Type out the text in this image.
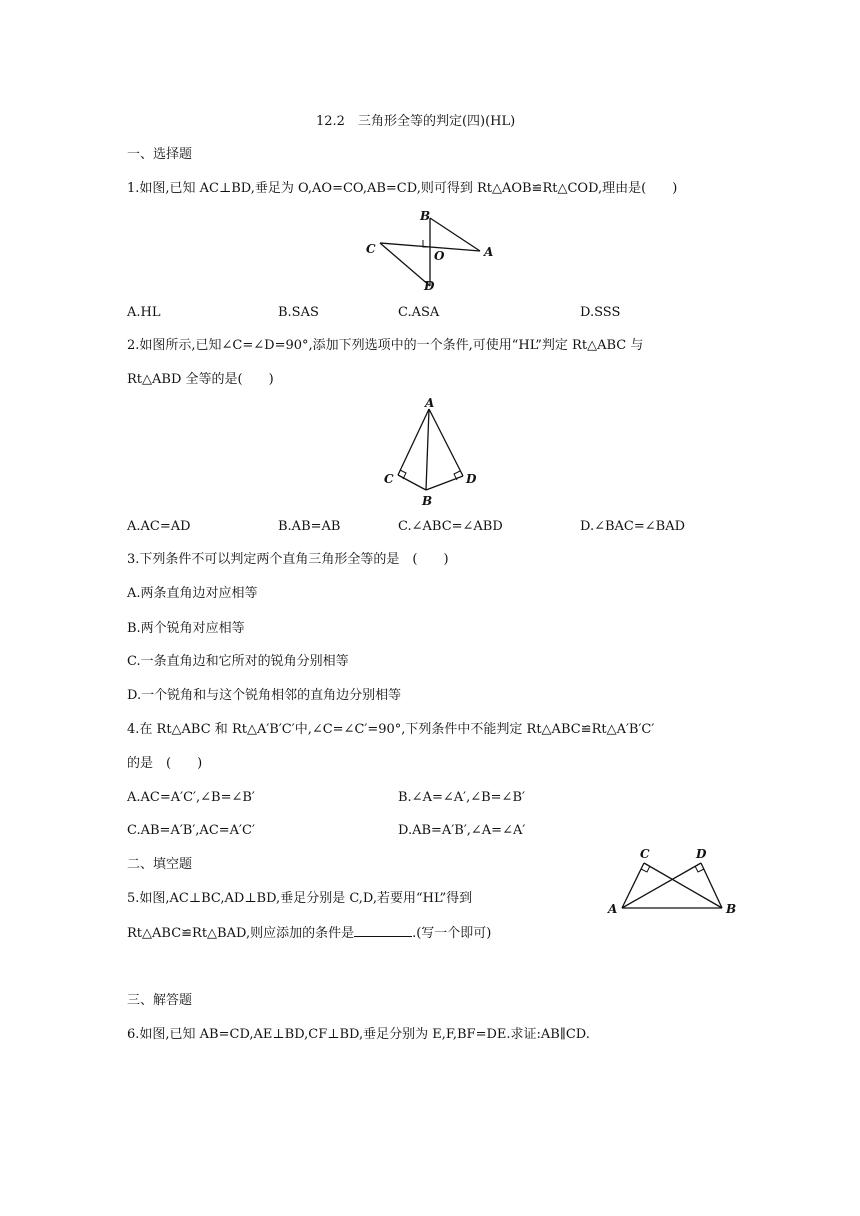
12.2　三角形全等的判定(四)(HL)
一、选择题
1.如图,已知 AC⊥BD,垂足为 O,AO=CO,AB=CD,则可得到 Rt△AOB≌Rt△COD,理由是(　　)
B
C	O	A
D
A.HL	B.SAS	C.ASA	D.SSS
2.如图所示,已知∠C=∠D=90°,添加下列选项中的一个条件,可使用“HL”判定 Rt△ABC 与
Rt△ABD 全等的是(　　)
A
C
B
D
A.AC=AD	B.AB=AB	C.∠ABC=∠ABD	D.∠BAC=∠BAD
3.下列条件不可以判定两个直角三角形全等的是　(　　)
A.两条直角边对应相等
B.两个锐角对应相等
C.一条直角边和它所对的锐角分别相等
D.一个锐角和与这个锐角相邻的直角边分别相等
4.在 Rt△ABC 和 Rt△A′B′C′中,∠C=∠C′=90°,下列条件中不能判定 Rt△ABC≌Rt△A′B′C′
的是　(　　)
A.AC=A′C′,∠B=∠B′	B.∠A=∠A′,∠B=∠B′
C.AB=A′B′,AC=A′C′	D.AB=A′B′,∠A=∠A′
二、填空题
5.如图,AC⊥BC,AD⊥BD,垂足分别是 C,D,若要用“HL”得到
Rt△ABC≌Rt△BAD,则应添加的条件是	.(写一个即可)
C	D
A	B
三、解答题
6.如图,已知 AB=CD,AE⊥BD,CF⊥BD,垂足分别为 E,F,BF=DE.求证:AB∥CD.
